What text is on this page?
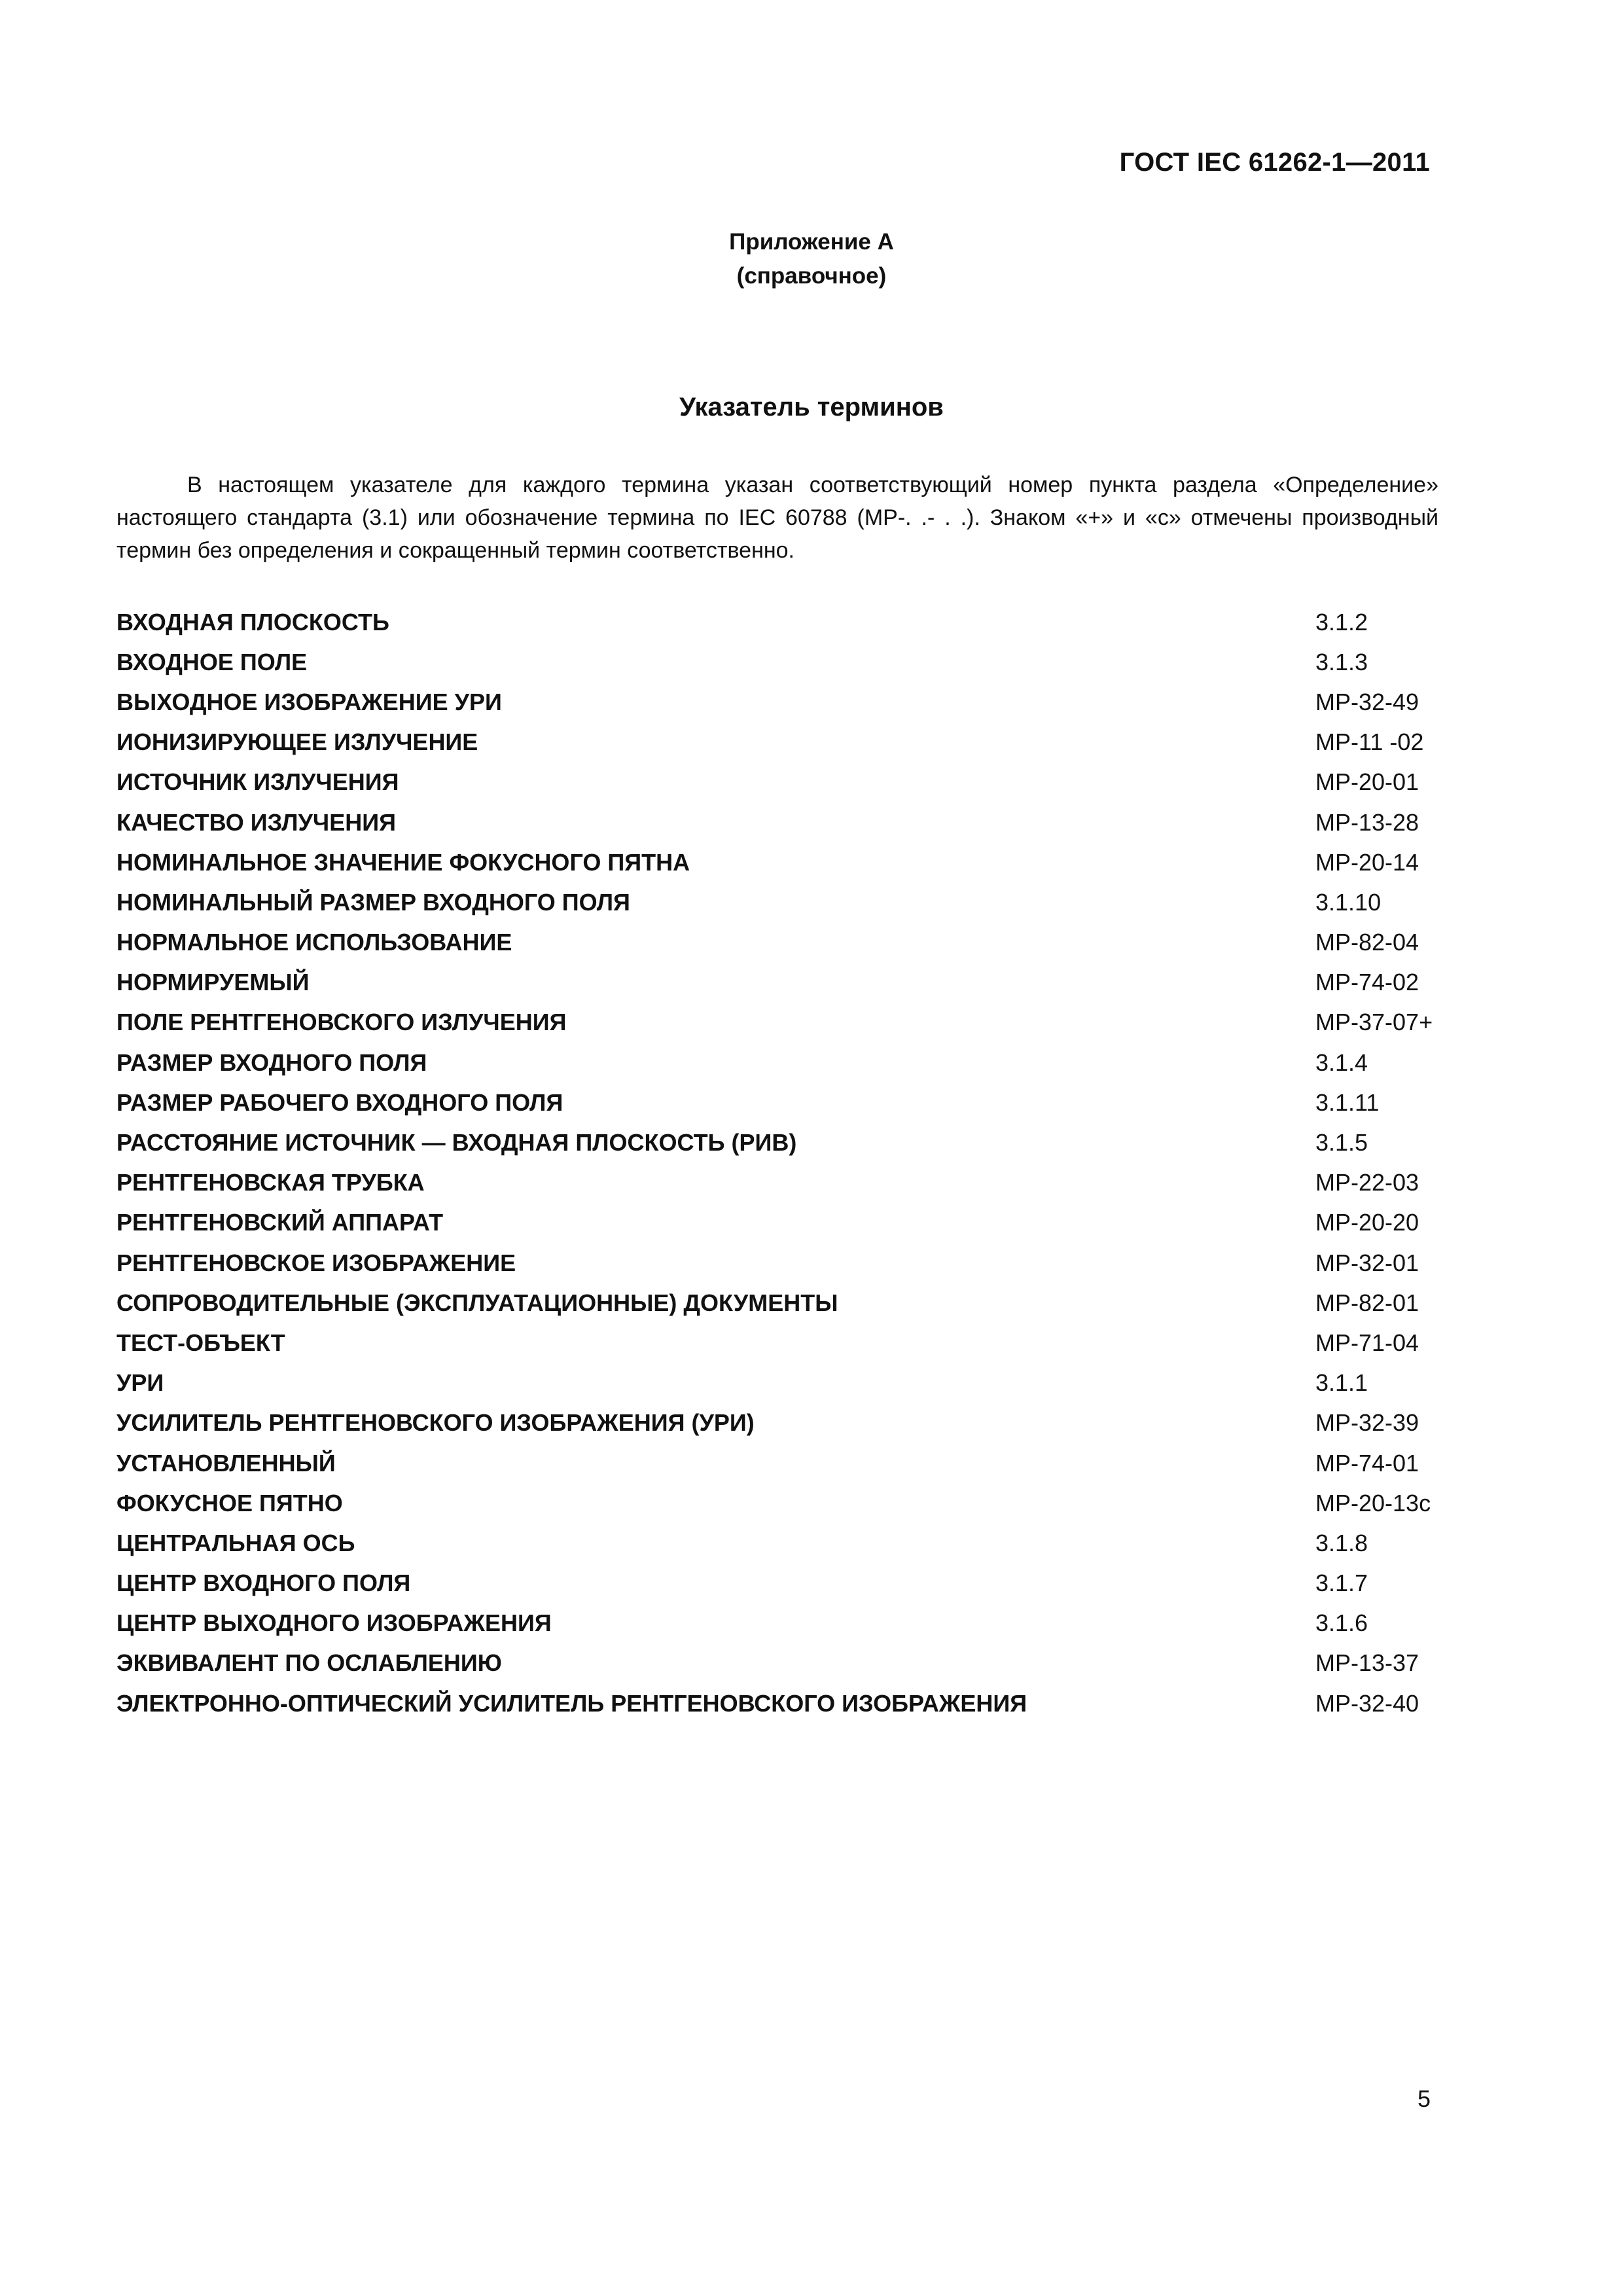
ГОСТ IEC 61262-1—2011
Приложение А
(справочное)
Указатель терминов

В настоящем указателе для каждого термина указан соответствующий номер пункта раздела «Определение» настоящего стандарта (3.1) или обозначение термина по IEC 60788 (МР-. .- . .). Знаком «+» и «с» отмечены производный термин без определения и сокращенный термин соответственно.

ВХОДНАЯ ПЛОСКОСТЬ	3.1.2
ВХОДНОЕ ПОЛЕ	3.1.3
ВЫХОДНОЕ ИЗОБРАЖЕНИЕ УРИ	МР-32-49
ИОНИЗИРУЮЩЕЕ ИЗЛУЧЕНИЕ	МР-11 -02
ИСТОЧНИК ИЗЛУЧЕНИЯ	МР-20-01
КАЧЕСТВО ИЗЛУЧЕНИЯ	МР-13-28
НОМИНАЛЬНОЕ ЗНАЧЕНИЕ ФОКУСНОГО ПЯТНА	МР-20-14
НОМИНАЛЬНЫЙ РАЗМЕР ВХОДНОГО ПОЛЯ	3.1.10
НОРМАЛЬНОЕ ИСПОЛЬЗОВАНИЕ	МР-82-04
НОРМИРУЕМЫЙ	МР-74-02
ПОЛЕ РЕНТГЕНОВСКОГО ИЗЛУЧЕНИЯ	МР-37-07+
РАЗМЕР ВХОДНОГО ПОЛЯ	3.1.4
РАЗМЕР РАБОЧЕГО ВХОДНОГО ПОЛЯ	3.1.11
РАССТОЯНИЕ ИСТОЧНИК — ВХОДНАЯ ПЛОСКОСТЬ (РИВ)	3.1.5
РЕНТГЕНОВСКАЯ ТРУБКА	МР-22-03
РЕНТГЕНОВСКИЙ АППАРАТ	МР-20-20
РЕНТГЕНОВСКОЕ ИЗОБРАЖЕНИЕ	МР-32-01
СОПРОВОДИТЕЛЬНЫЕ (ЭКСПЛУАТАЦИОННЫЕ) ДОКУМЕНТЫ	МР-82-01
ТЕСТ-ОБЪЕКТ	МР-71-04
УРИ	3.1.1
УСИЛИТЕЛЬ РЕНТГЕНОВСКОГО ИЗОБРАЖЕНИЯ (УРИ)	МР-32-39
УСТАНОВЛЕННЫЙ	МР-74-01
ФОКУСНОЕ ПЯТНО	МР-20-13с
ЦЕНТРАЛЬНАЯ ОСЬ	3.1.8
ЦЕНТР ВХОДНОГО ПОЛЯ	3.1.7
ЦЕНТР ВЫХОДНОГО ИЗОБРАЖЕНИЯ	3.1.6
ЭКВИВАЛЕНТ ПО ОСЛАБЛЕНИЮ	МР-13-37
ЭЛЕКТРОННО-ОПТИЧЕСКИЙ УСИЛИТЕЛЬ РЕНТГЕНОВСКОГО ИЗОБРАЖЕНИЯ	МР-32-40
5
